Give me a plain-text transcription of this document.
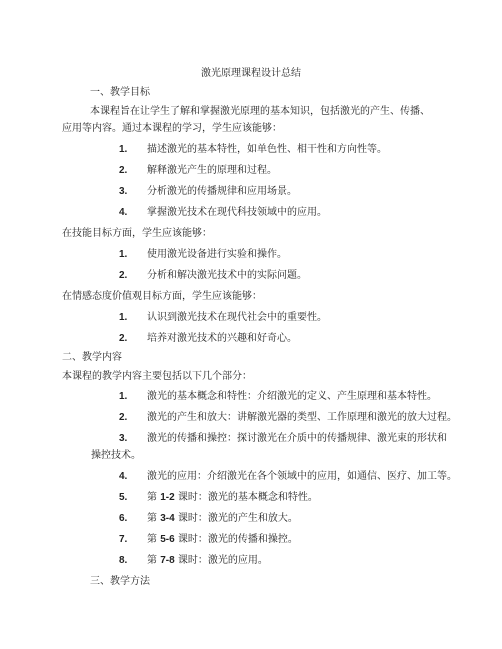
激光原理课程设计总结
一、教学目标
本课程旨在让学生了解和掌握激光原理的基本知识，包括激光的产生、传播、
应用等内容。通过本课程的学习，学生应该能够：
1. 描述激光的基本特性，如单色性、相干性和方向性等。
2. 解释激光产生的原理和过程。
3. 分析激光的传播规律和应用场景。
4. 掌握激光技术在现代科技领域中的应用。
在技能目标方面，学生应该能够：
1. 使用激光设备进行实验和操作。
2. 分析和解决激光技术中的实际问题。
在情感态度价值观目标方面，学生应该能够：
1. 认识到激光技术在现代社会中的重要性。
2. 培养对激光技术的兴趣和好奇心。
二、教学内容
本课程的教学内容主要包括以下几个部分：
1. 激光的基本概念和特性：介绍激光的定义、产生原理和基本特性。
2. 激光的产生和放大：讲解激光器的类型、工作原理和激光的放大过程。
3. 激光的传播和操控：探讨激光在介质中的传播规律、激光束的形状和
操控技术。
4. 激光的应用：介绍激光在各个领域中的应用，如通信、医疗、加工等。
5. 第 1-2 课时：激光的基本概念和特性。
6. 第 3-4 课时：激光的产生和放大。
7. 第 5-6 课时：激光的传播和操控。
8. 第 7-8 课时：激光的应用。
三、教学方法
